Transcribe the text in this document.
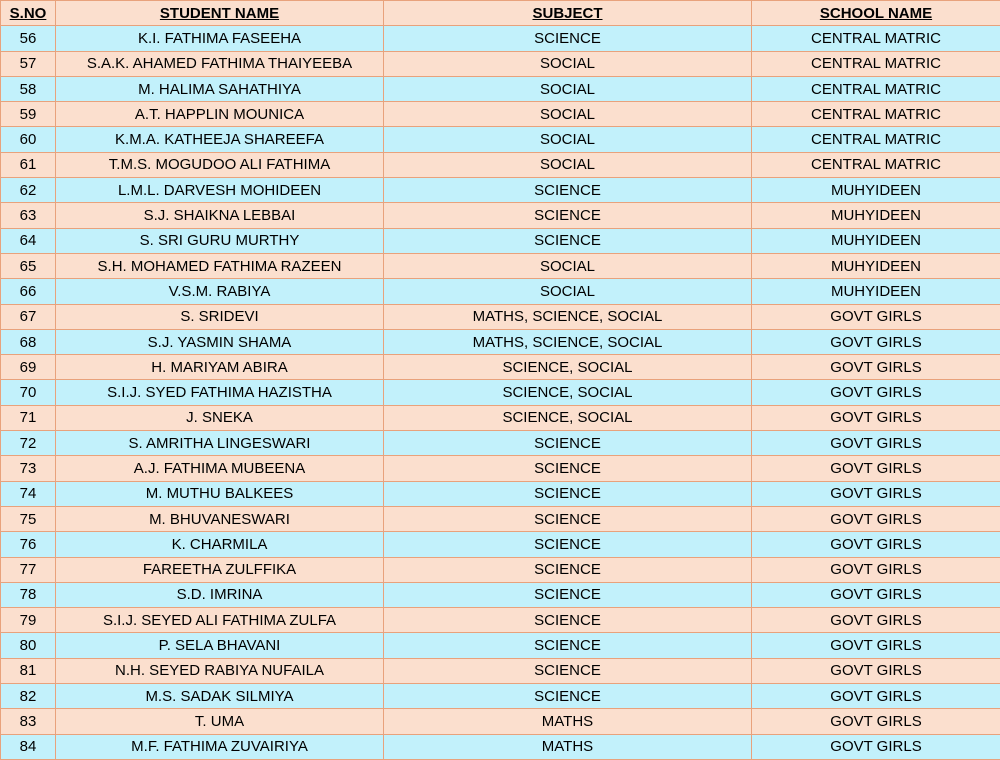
S.NO	STUDENT NAME	SUBJECT	SCHOOL NAME
56	K.I. FATHIMA FASEEHA	SCIENCE	CENTRAL MATRIC
57	S.A.K. AHAMED FATHIMA THAIYEEBA	SOCIAL	CENTRAL MATRIC
58	M. HALIMA SAHATHIYA	SOCIAL	CENTRAL MATRIC
59	A.T. HAPPLIN MOUNICA	SOCIAL	CENTRAL MATRIC
60	K.M.A. KATHEEJA SHAREEFA	SOCIAL	CENTRAL MATRIC
61	T.M.S. MOGUDOO ALI FATHIMA	SOCIAL	CENTRAL MATRIC
62	L.M.L. DARVESH MOHIDEEN	SCIENCE	MUHYIDEEN
63	S.J. SHAIKNA LEBBAI	SCIENCE	MUHYIDEEN
64	S. SRI GURU MURTHY	SCIENCE	MUHYIDEEN
65	S.H. MOHAMED FATHIMA RAZEEN	SOCIAL	MUHYIDEEN
66	V.S.M. RABIYA	SOCIAL	MUHYIDEEN
67	S. SRIDEVI	MATHS, SCIENCE, SOCIAL	GOVT GIRLS
68	S.J. YASMIN SHAMA	MATHS, SCIENCE, SOCIAL	GOVT GIRLS
69	H. MARIYAM ABIRA	SCIENCE, SOCIAL	GOVT GIRLS
70	S.I.J. SYED FATHIMA HAZISTHA	SCIENCE, SOCIAL	GOVT GIRLS
71	J. SNEKA	SCIENCE, SOCIAL	GOVT GIRLS
72	S. AMRITHA LINGESWARI	SCIENCE	GOVT GIRLS
73	A.J. FATHIMA MUBEENA	SCIENCE	GOVT GIRLS
74	M. MUTHU BALKEES	SCIENCE	GOVT GIRLS
75	M. BHUVANESWARI	SCIENCE	GOVT GIRLS
76	K. CHARMILA	SCIENCE	GOVT GIRLS
77	FAREETHA ZULFFIKA	SCIENCE	GOVT GIRLS
78	S.D. IMRINA	SCIENCE	GOVT GIRLS
79	S.I.J. SEYED ALI FATHIMA ZULFA	SCIENCE	GOVT GIRLS
80	P. SELA BHAVANI	SCIENCE	GOVT GIRLS
81	N.H. SEYED RABIYA NUFAILA	SCIENCE	GOVT GIRLS
82	M.S. SADAK SILMIYA	SCIENCE	GOVT GIRLS
83	T. UMA	MATHS	GOVT GIRLS
84	M.F. FATHIMA ZUVAIRIYA	MATHS	GOVT GIRLS
